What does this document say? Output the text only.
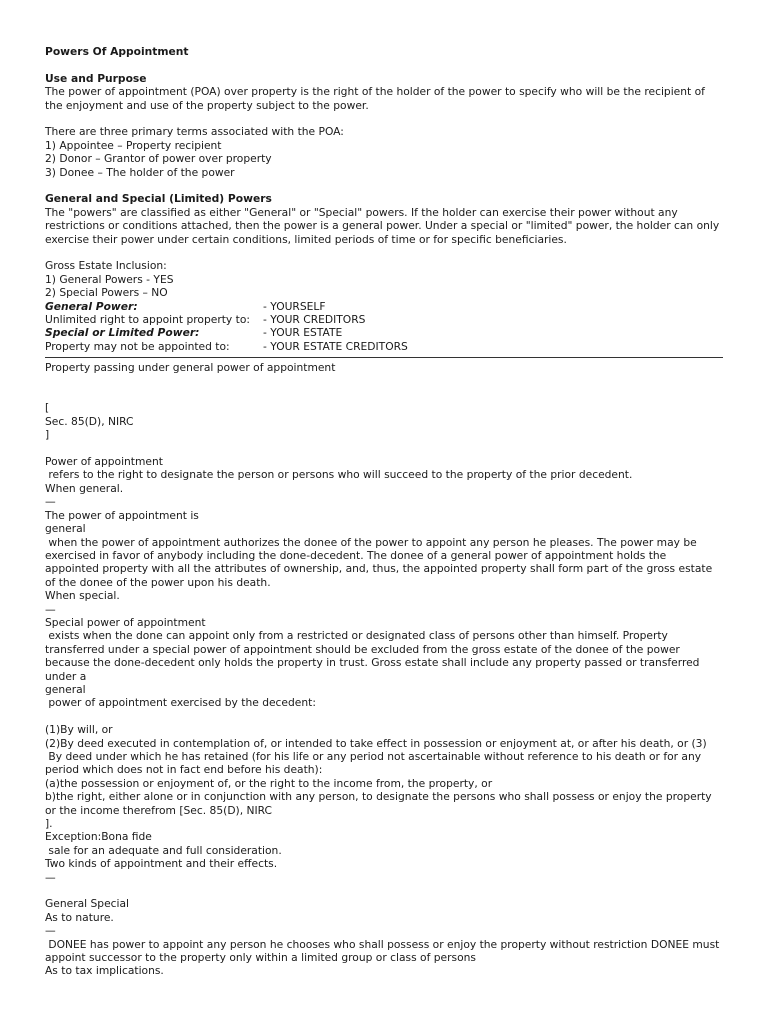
Powers Of Appointment
Use and Purpose
The power of appointment (POA) over property is the right of the holder of the power to specify who will be the recipient of
the enjoyment and use of the property subject to the power.
There are three primary terms associated with the POA:
1) Appointee – Property recipient
2) Donor – Grantor of power over property
3) Donee – The holder of the power
General and Special (Limited) Powers
The "powers" are classified as either "General" or "Special" powers. If the holder can exercise their power without any
restrictions or conditions attached, then the power is a general power. Under a special or "limited" power, the holder can only
exercise their power under certain conditions, limited periods of time or for specific beneficiaries.
Gross Estate Inclusion:
1) General Powers - YES
2) Special Powers – NO
General Power:	- YOURSELF
Unlimited right to appoint property to:	- YOUR CREDITORS
Special or Limited Power:	- YOUR ESTATE
Property may not be appointed to:	- YOUR ESTATE CREDITORS
Property passing under general power of appointment
[
Sec. 85(D), NIRC
]
Power of appointment
refers to the right to designate the person or persons who will succeed to the property of the prior decedent.
When general.
—
The power of appointment is
general
when the power of appointment authorizes the donee of the power to appoint any person he pleases. The power may be
exercised in favor of anybody including the done-decedent. The donee of a general power of appointment holds the
appointed property with all the attributes of ownership, and, thus, the appointed property shall form part of the gross estate
of the donee of the power upon his death.
When special.
—
Special power of appointment
exists when the done can appoint only from a restricted or designated class of persons other than himself. Property
transferred under a special power of appointment should be excluded from the gross estate of the donee of the power
because the done-decedent only holds the property in trust. Gross estate shall include any property passed or transferred
under a
general
power of appointment exercised by the decedent:
(1)By will, or
(2)By deed executed in contemplation of, or intended to take effect in possession or enjoyment at, or after his death, or (3)
By deed under which he has retained (for his life or any period not ascertainable without reference to his death or for any
period which does not in fact end before his death):
(a)the possession or enjoyment of, or the right to the income from, the property, or
b)the right, either alone or in conjunction with any person, to designate the persons who shall possess or enjoy the property
or the income therefrom [Sec. 85(D), NIRC
].
Exception:Bona fide
sale for an adequate and full consideration.
Two kinds of appointment and their effects.
—
General Special
As to nature.
—
DONEE has power to appoint any person he chooses who shall possess or enjoy the property without restriction DONEE must
appoint successor to the property only within a limited group or class of persons
As to tax implications.
